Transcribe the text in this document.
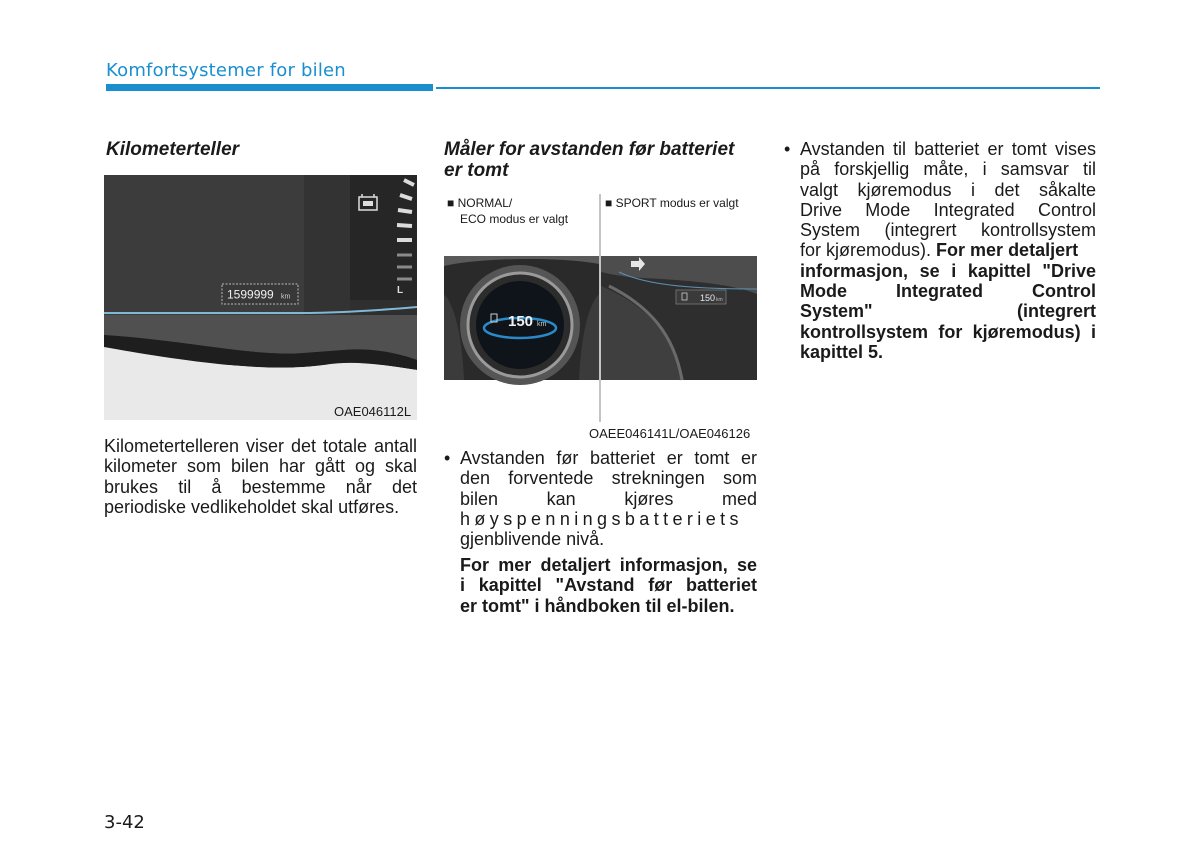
Komfortsystemer for bilen
Kilometerteller
L
1599999 km
OAE046112L

Kilometertelleren viser det totale antall kilometer som bilen har gått og skal brukes til å bestemme når det periodiske vedlikeholdet skal utføres.

Måler for avstanden før batteriet
er tomt
■ NORMAL/
ECO modus er valgt
■ SPORT modus er valgt
150 km
150 km
OAEE046141L/OAE046126
• Avstanden før batteriet er tomt er
den forventede strekningen som
bilen kan kjøres med
høyspenningsbatteriets
gjenblivende nivå.
For mer detaljert informasjon, se
i kapittel "Avstand før batteriet
er tomt" i håndboken til el-bilen.
• Avstanden til batteriet er tomt vises
på forskjellig måte, i samsvar til
valgt kjøremodus i det såkalte
Drive Mode Integrated Control
System (integrert kontrollsystem
for kjøremodus). For mer detaljert
informasjon, se i kapittel "Drive
Mode Integrated Control
System" (integrert
kontrollsystem for kjøremodus) i
kapittel 5.
3-42
